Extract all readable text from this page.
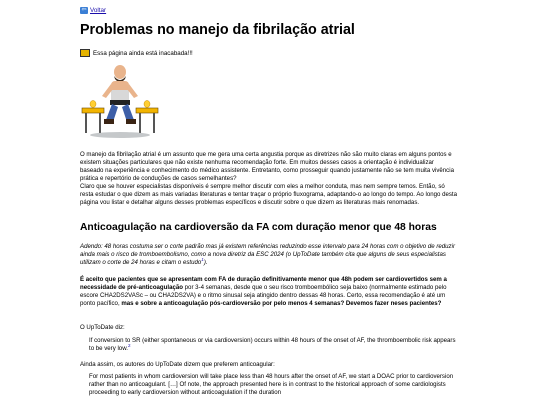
⇦ Voltar
Problemas no manejo da fibrilação atrial
Essa página ainda está inacabada!!!

O manejo da fibrilação atrial é um assunto que me gera uma certa angustia porque as diretrizes não são muito claras em alguns pontos e existem situações particulares que não existe nenhuma recomendação forte. Em muitos desses casos a orientação é individualizar baseado na experiência e conhecimento do médico assistente. Entretanto, como prosseguir quando justamente não se tem muita vivência prática e repertório de conduções de casos semelhantes?

Claro que se houver especialistas disponíveis é sempre melhor discutir com eles a melhor conduta, mas nem sempre temos. Então, só resta estudar o que dizem as mais variadas literaturas e tentar traçar o próprio fluxograma, adaptando-o ao longo do tempo. Ao longo desta página vou listar e detalhar alguns desses problemas específicos e discutir sobre o que dizem as literaturas mais renomadas.

Anticoagulação na cardioversão da FA com duração menor que 48 horas

Adendo: 48 horas costuma ser o corte padrão mas já existem referências reduzindo esse intervalo para 24 horas com o objetivo de reduzir ainda mais o risco de tromboembolismo, como a nova diretriz da ESC 2024 (o UpToDate também cita que alguns de seus especialistas utilizam o corte de 24 horas e citam o estudo$^1$).

É aceito que pacientes que se apresentam com FA de duração definitivamente menor que 48h podem ser cardiovertidos sem a necessidade de pré-anticoagulação por 3-4 semanas, desde que o seu risco tromboembólico seja baixo (normalmente estimado pelo escore CHA2DS2VASc – ou CHA2DS2VA) e o ritmo sinusal seja atingido dentro dessas 48 horas. Certo, essa recomendação é até um ponto pacífico, mas e sobre a anticoagulação pós-cardioversão por pelo menos 4 semanas? Devemos fazer neses pacientes?

O UpToDate diz:

If conversion to SR (either spontaneous or via cardioversion) occurs within 48 hours of the onset of AF, the thromboembolic risk appears to be very low.$^2$

Ainda assim, os autores do UpToDate dizem que preferem anticoagular:

For most patients in whom cardioversion will take place less than 48 hours after the onset of AF, we start a DOAC prior to cardioversion rather than no anticoagulant. […] Of note, the approach presented here is in contrast to the historical approach of some cardiologists proceeding to early cardioversion without anticoagulation if the duration
